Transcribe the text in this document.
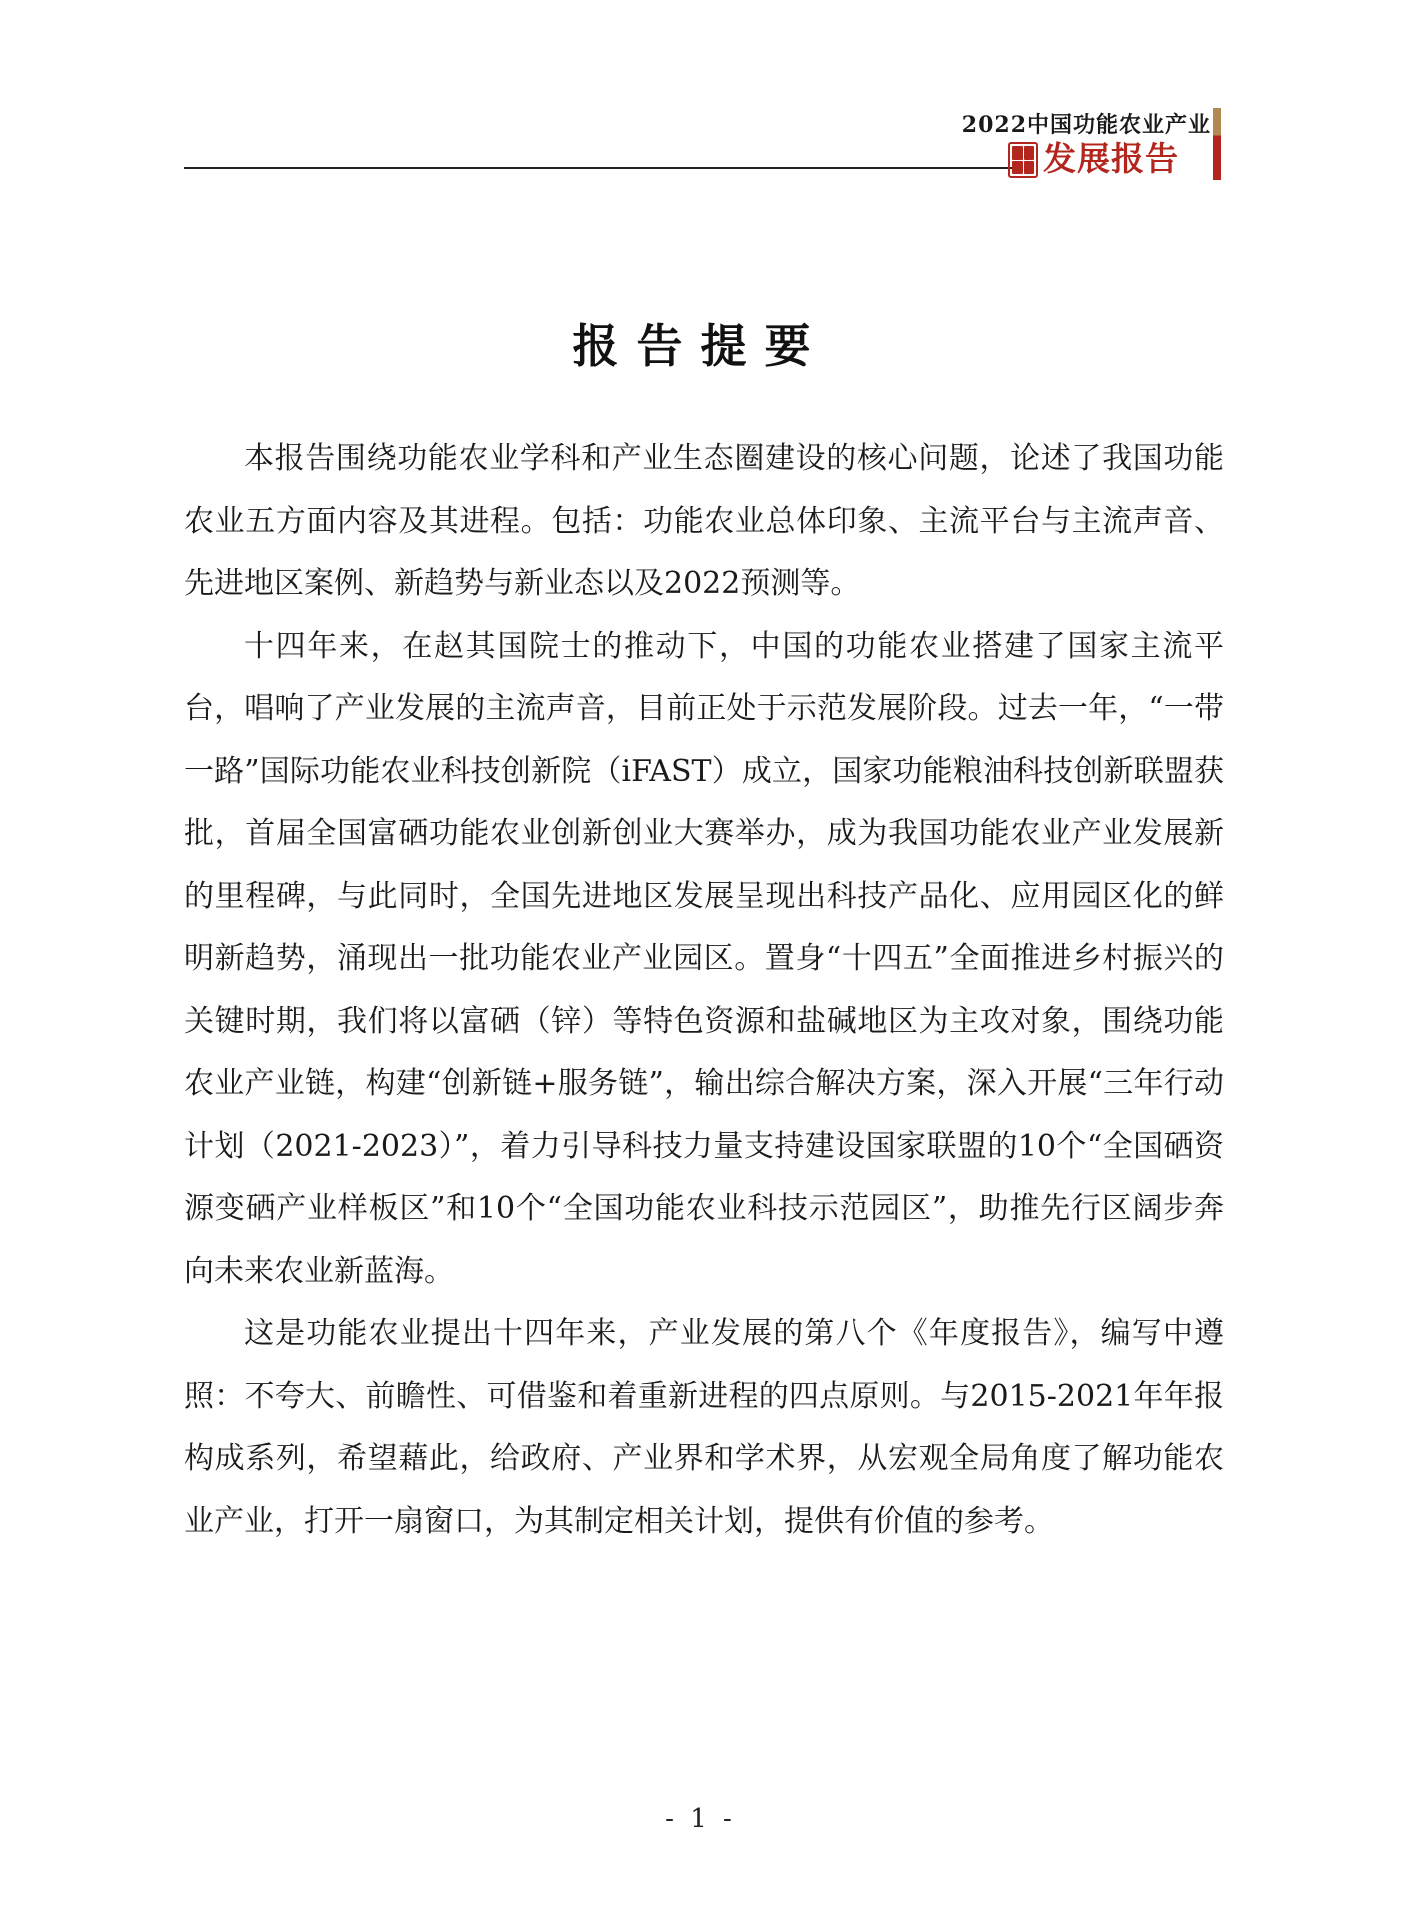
2022中国功能农业产业
发展报告
报告提要

本报告围绕功能农业学科和产业生态圈建设的核心问题，论述了我国功能农业五方面内容及其进程。包括：功能农业总体印象、主流平台与主流声音、先进地区案例、新趋势与新业态以及2022预测等。

十四年来，在赵其国院士的推动下，中国的功能农业搭建了国家主流平台，唱响了产业发展的主流声音，目前正处于示范发展阶段。过去一年，“一带一路”国际功能农业科技创新院（iFAST）成立，国家功能粮油科技创新联盟获批，首届全国富硒功能农业创新创业大赛举办，成为我国功能农业产业发展新的里程碑，与此同时，全国先进地区发展呈现出科技产品化、应用园区化的鲜明新趋势，涌现出一批功能农业产业园区。置身“十四五”全面推进乡村振兴的关键时期，我们将以富硒（锌）等特色资源和盐碱地区为主攻对象，围绕功能农业产业链，构建“创新链+服务链”，输出综合解决方案，深入开展“三年行动计划（2021-2023）”，着力引导科技力量支持建设国家联盟的10个“全国硒资源变硒产业样板区”和10个“全国功能农业科技示范园区”，助推先行区阔步奔向未来农业新蓝海。

这是功能农业提出十四年来，产业发展的第八个《年度报告》，编写中遵照：不夸大、前瞻性、可借鉴和着重新进程的四点原则。与2015-2021年年报构成系列，希望藉此，给政府、产业界和学术界，从宏观全局角度了解功能农业产业，打开一扇窗口，为其制定相关计划，提供有价值的参考。

- 1 -
